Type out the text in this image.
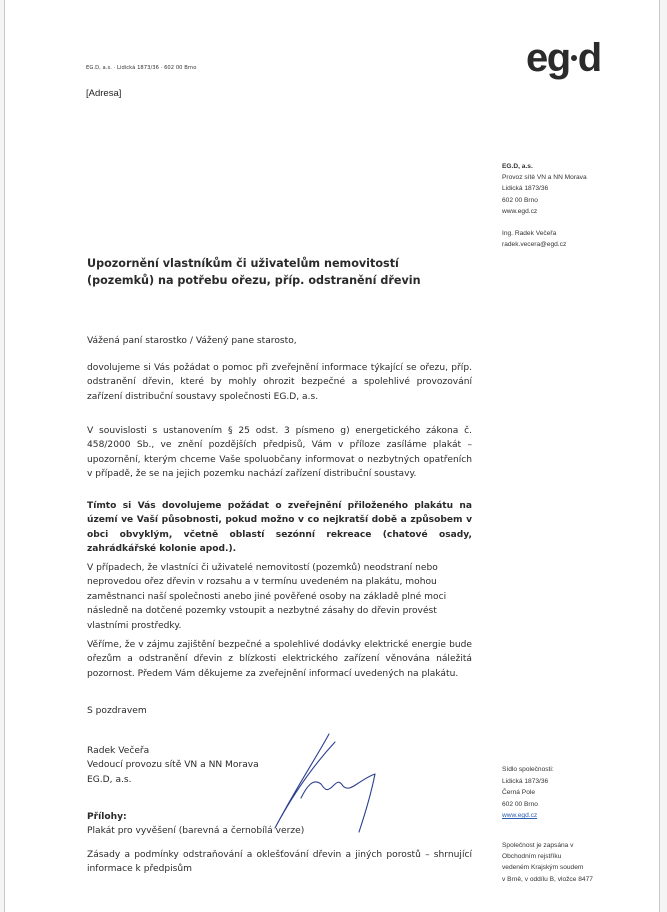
EG.D, a.s. · Lidická 1873/36 · 602 00 Brno
[Adresa]
eg d
EG.D, a.s.
Provoz sítě VN a NN Morava
Lidická 1873/36
602 00 Brno
www.egd.cz
Ing. Radek Večeřa
radek.vecera@egd.cz
Upozornění vlastníkům či uživatelům nemovitostí (pozemků) na potřebu ořezu, příp. odstranění dřevin
Vážená paní starostko / Vážený pane starosto,
dovolujeme si Vás požádat o pomoc při zveřejnění informace týkající se ořezu, příp. odstranění dřevin, které by mohly ohrozit bezpečné a spolehlivé provozování zařízení distribuční soustavy společnosti EG.D, a.s.
V souvislosti s ustanovením § 25 odst. 3 písmeno g) energetického zákona č. 458/2000 Sb., ve znění pozdějších předpisů, Vám v příloze zasíláme plakát – upozornění, kterým chceme Vaše spoluobčany informovat o nezbytných opatřeních v případě, že se na jejich pozemku nachází zařízení distribuční soustavy.
Tímto si Vás dovolujeme požádat o zveřejnění přiloženého plakátu na území ve Vaší působnosti, pokud možno v co nejkratší době a způsobem v obci obvyklým, včetně oblastí sezónní rekreace (chatové osady, zahrádkářské kolonie apod.).
V případech, že vlastníci či uživatelé nemovitostí (pozemků) neodstraní nebo neprovedou ořez dřevin v rozsahu a v termínu uvedeném na plakátu, mohou zaměstnanci naší společnosti anebo jiné pověřené osoby na základě plné moci následně na dotčené pozemky vstoupit a nezbytné zásahy do dřevin provést vlastními prostředky.
Věříme, že v zájmu zajištění bezpečné a spolehlivé dodávky elektrické energie bude ořezům a odstranění dřevin z blízkosti elektrického zařízení věnována náležitá pozornost. Předem Vám děkujeme za zveřejnění informací uvedených na plakátu.
S pozdravem
Radek Večeřa
Vedoucí provozu sítě VN a NN Morava
EG.D, a.s.
Přílohy:
Plakát pro vyvěšení (barevná a černobílá verze)
Zásady a podmínky odstraňování a oklešťování dřevin a jiných porostů – shrnující informace k předpisům
Sídlo společnosti:
Lidická 1873/36
Černá Pole
602 00 Brno
www.egd.cz
Společnost je zapsána v
Obchodním rejstříku
vedeném Krajským soudem
v Brně, v oddílu B, vložce 8477
